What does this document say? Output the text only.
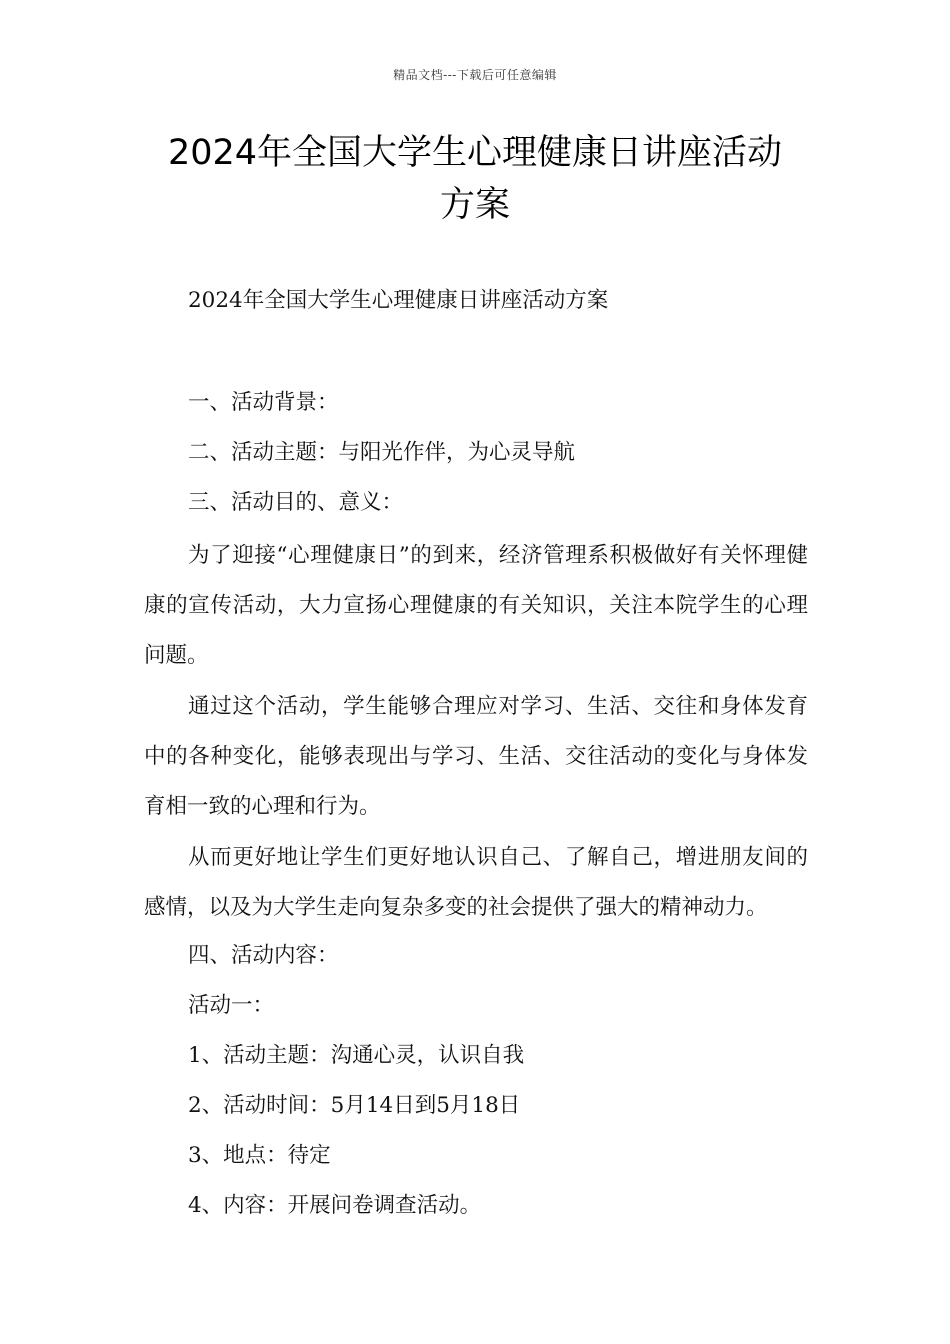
精品文档---下载后可任意编辑
2024年全国大学生心理健康日讲座活动
方案

2024年全国大学生心理健康日讲座活动方案

一、活动背景：

二、活动主题：与阳光作伴，为心灵导航

三、活动目的、意义：

为了迎接“心理健康日”的到来，经济管理系积极做好有关怀理健康的宣传活动，大力宣扬心理健康的有关知识，关注本院学生的心理问题。

通过这个活动，学生能够合理应对学习、生活、交往和身体发育中的各种变化，能够表现出与学习、生活、交往活动的变化与身体发育相一致的心理和行为。

从而更好地让学生们更好地认识自己、了解自己，增进朋友间的感情，以及为大学生走向复杂多变的社会提供了强大的精神动力。

四、活动内容：

活动一：

1、活动主题：沟通心灵，认识自我

2、活动时间：5月14日到5月18日

3、地点：待定

4、内容：开展问卷调查活动。
